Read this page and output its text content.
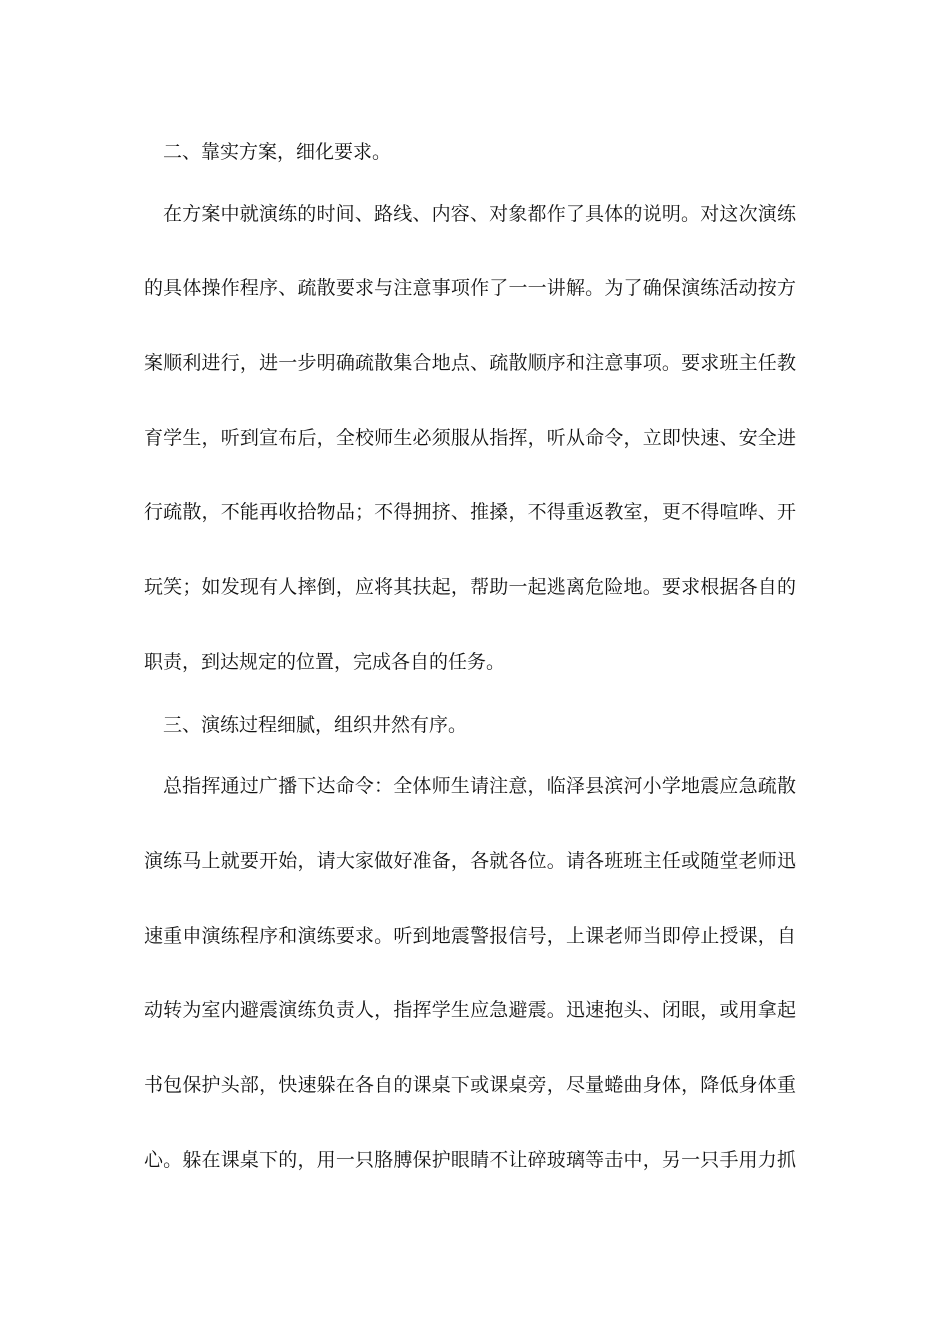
二、靠实方案，细化要求。
在方案中就演练的时间、路线、内容、对象都作了具体的说明。对这次演练
的具体操作程序、疏散要求与注意事项作了一一讲解。为了确保演练活动按方
案顺利进行，进一步明确疏散集合地点、疏散顺序和注意事项。要求班主任教
育学生，听到宣布后，全校师生必须服从指挥，听从命令，立即快速、安全进
行疏散，不能再收拾物品；不得拥挤、推搡，不得重返教室，更不得喧哗、开
玩笑；如发现有人摔倒，应将其扶起，帮助一起逃离危险地。要求根据各自的
职责，到达规定的位置，完成各自的任务。
三、演练过程细腻，组织井然有序。
总指挥通过广播下达命令：全体师生请注意，临泽县滨河小学地震应急疏散
演练马上就要开始，请大家做好准备，各就各位。请各班班主任或随堂老师迅
速重申演练程序和演练要求。听到地震警报信号，上课老师当即停止授课，自
动转为室内避震演练负责人，指挥学生应急避震。迅速抱头、闭眼，或用拿起
书包保护头部，快速躲在各自的课桌下或课桌旁，尽量蜷曲身体，降低身体重
心。躲在课桌下的，用一只胳膊保护眼睛不让碎玻璃等击中，另一只手用力抓
